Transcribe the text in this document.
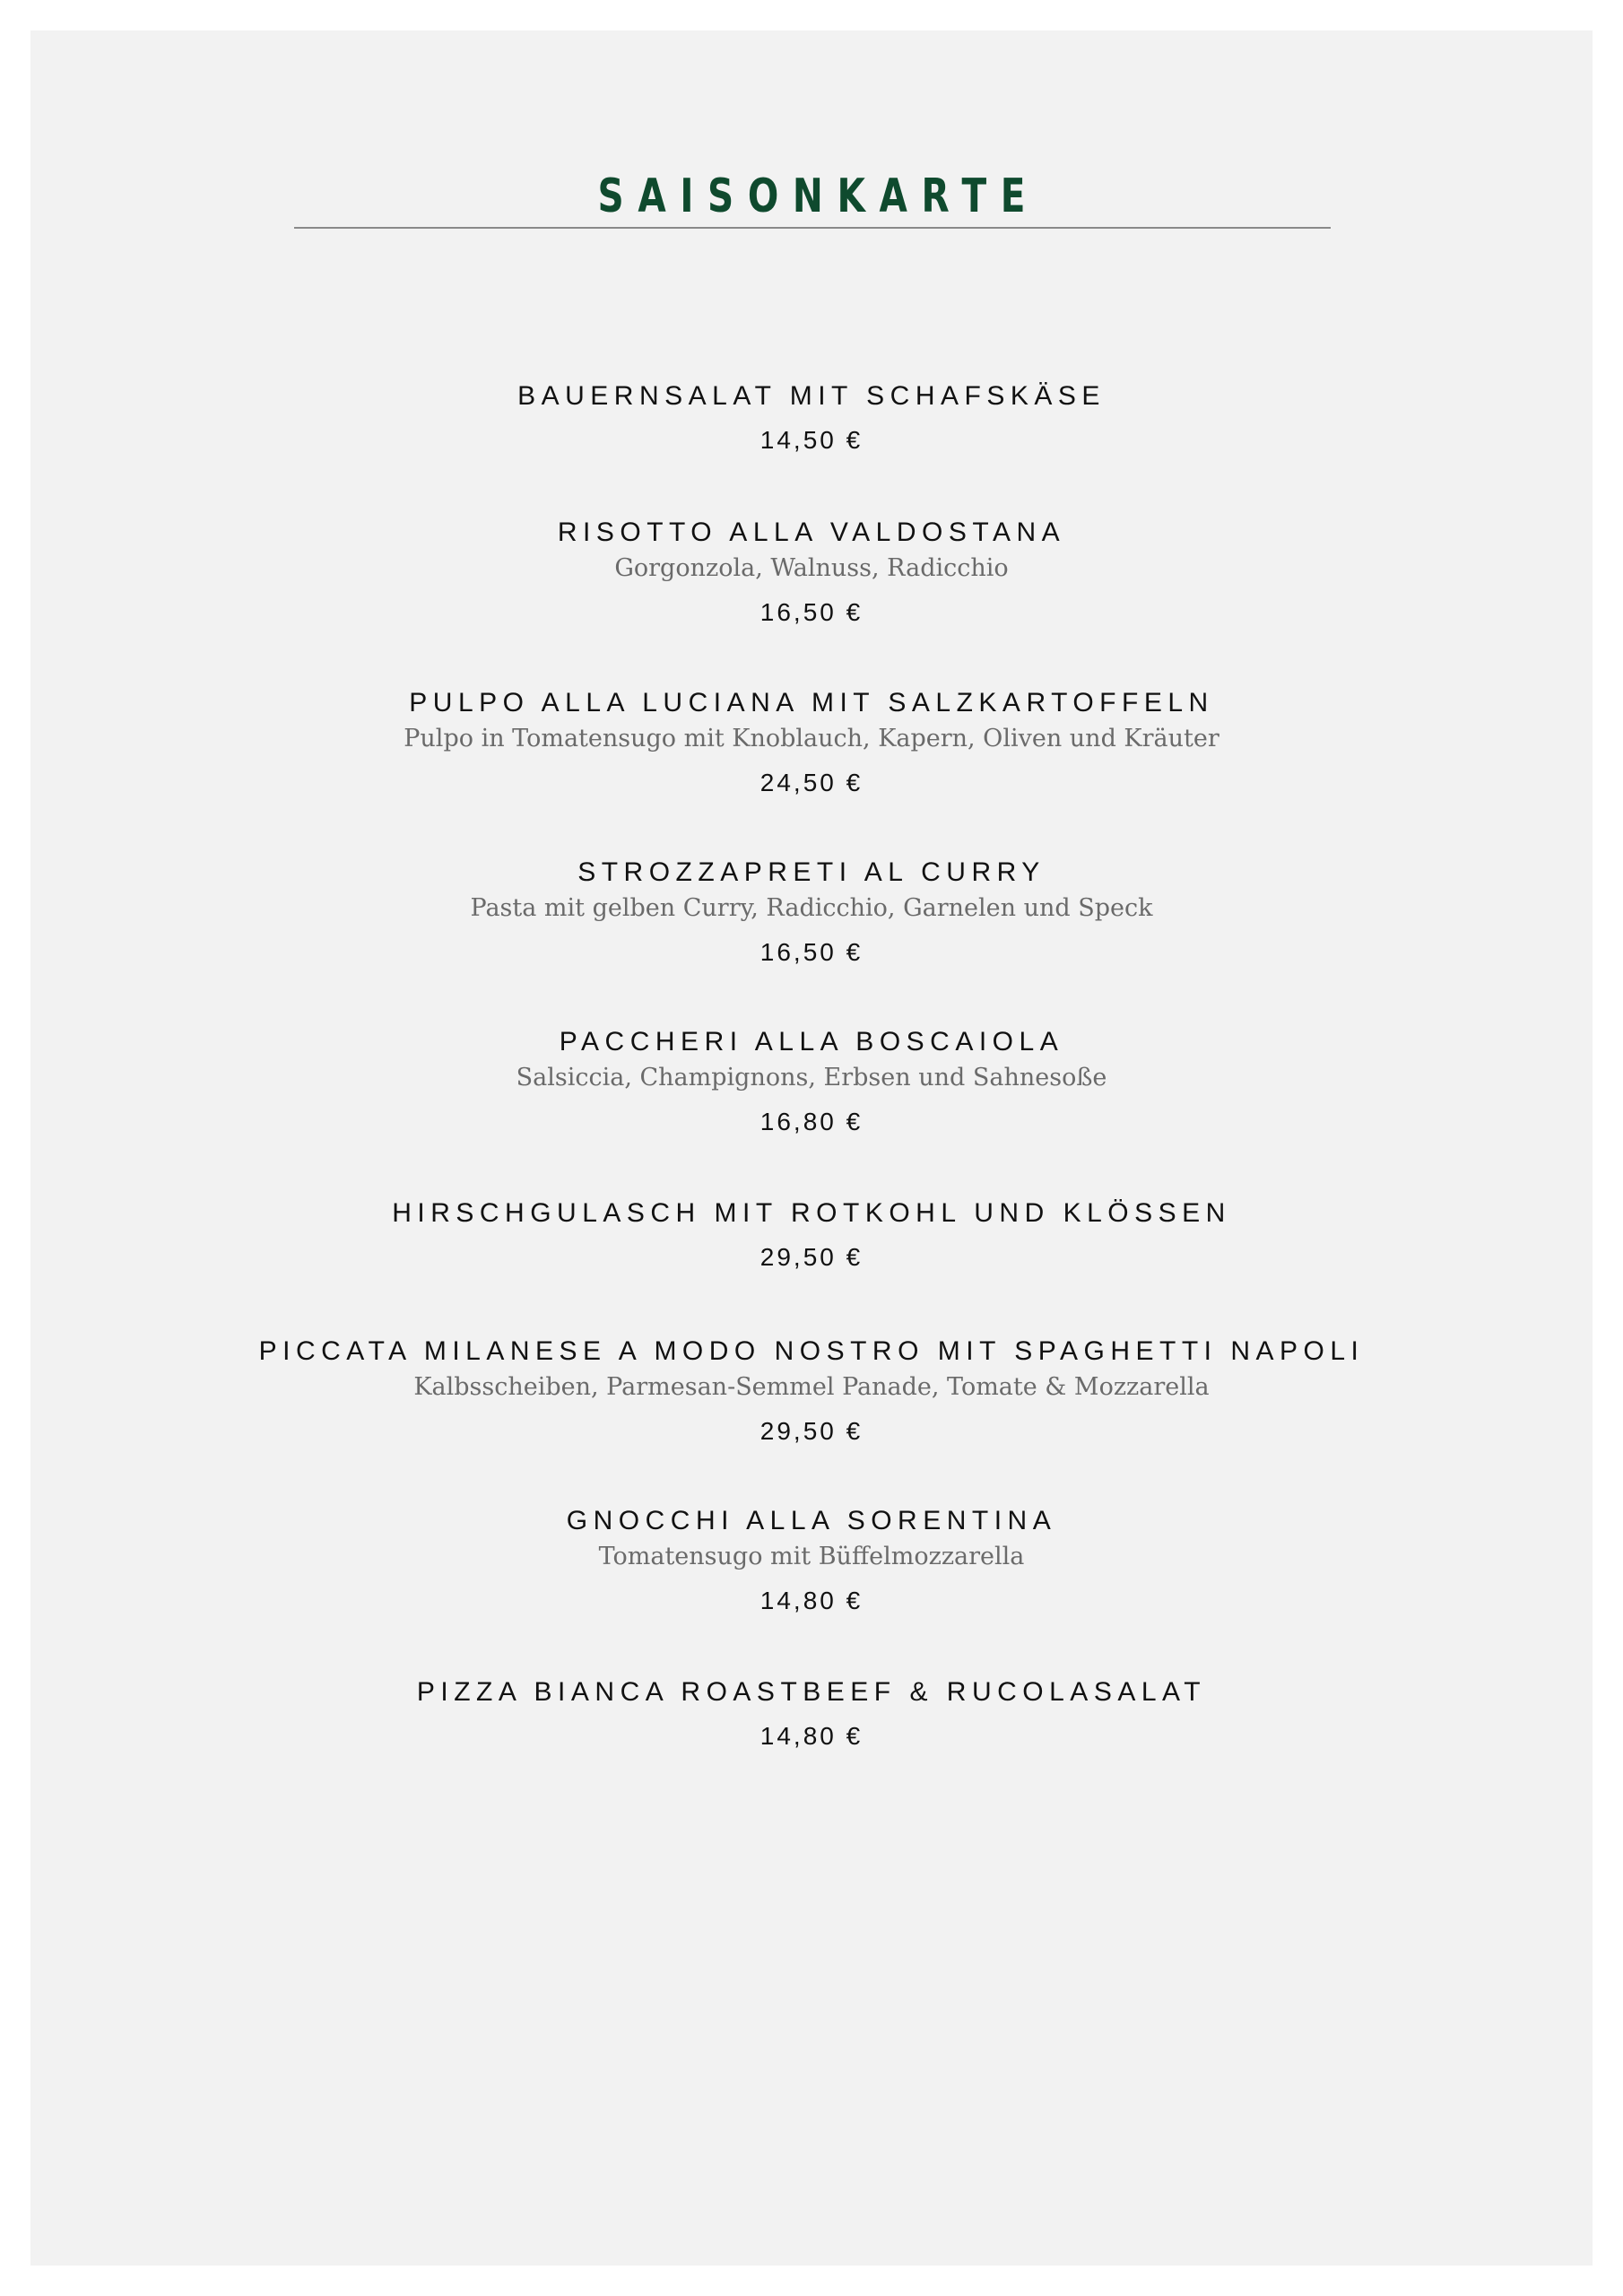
SAISONKARTE
BAUERNSALAT MIT SCHAFSKÄSE
14,50 €
RISOTTO ALLA VALDOSTANA
Gorgonzola, Walnuss, Radicchio
16,50 €
PULPO ALLA LUCIANA MIT SALZKARTOFFELN
Pulpo in Tomatensugo mit Knoblauch, Kapern, Oliven und Kräuter
24,50 €
STROZZAPRETI AL CURRY
Pasta mit gelben Curry, Radicchio, Garnelen und Speck
16,50 €
PACCHERI ALLA BOSCAIOLA
Salsiccia, Champignons, Erbsen und Sahnesoße
16,80 €
HIRSCHGULASCH MIT ROTKOHL UND KLÖSSEN
29,50 €
PICCATA MILANESE A MODO NOSTRO MIT SPAGHETTI NAPOLI
Kalbsscheiben, Parmesan-Semmel Panade, Tomate & Mozzarella
29,50 €
GNOCCHI ALLA SORENTINA
Tomatensugo mit Büffelmozzarella
14,80 €
PIZZA BIANCA ROASTBEEF & RUCOLASALAT
14,80 €
